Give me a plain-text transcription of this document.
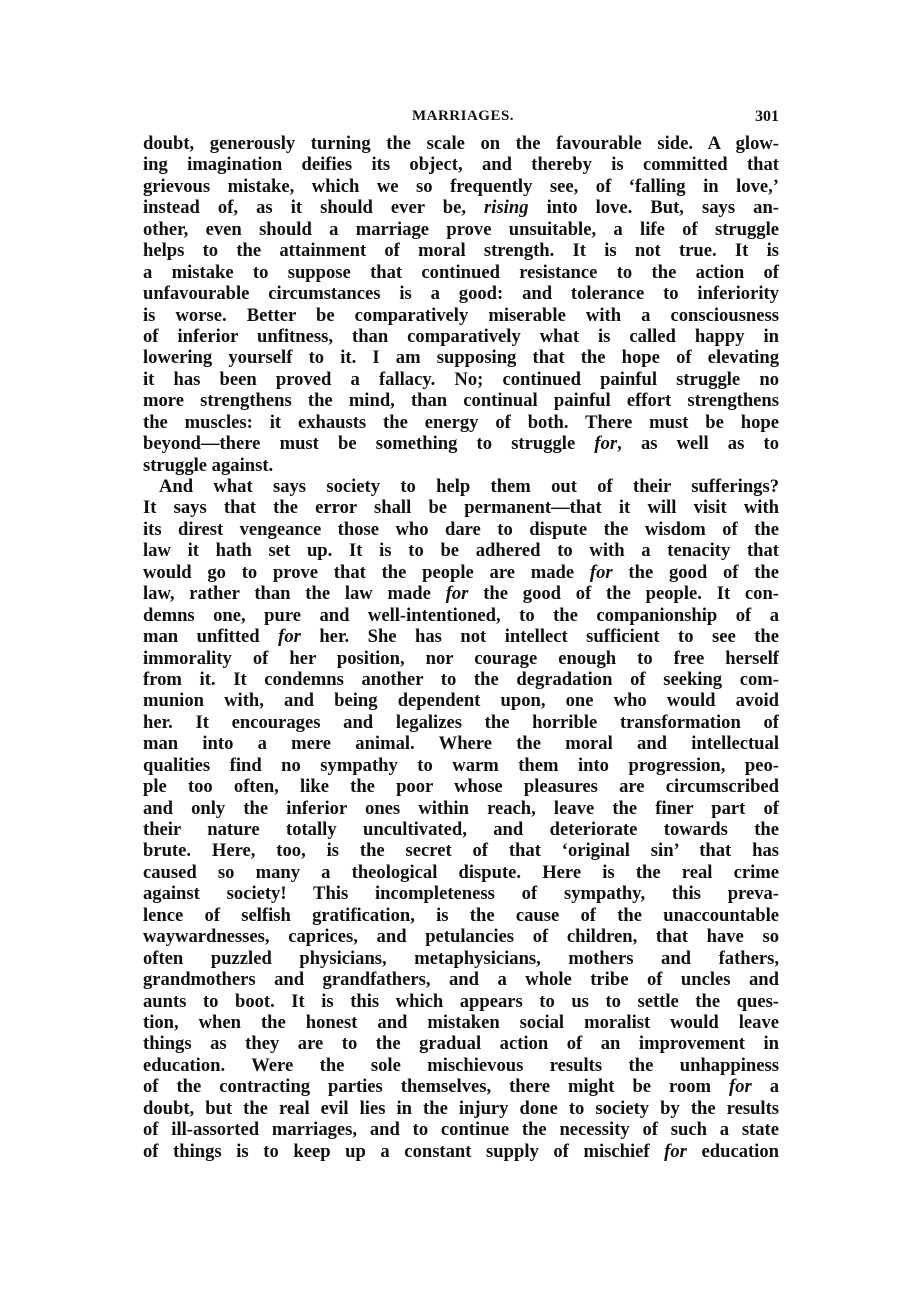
MARRIAGES.	301
doubt, generously turning the scale on the favourable side. A glow-
ing imagination deifies its object, and thereby is committed that
grievous mistake, which we so frequently see, of ‘falling in love,’
instead of, as it should ever be, rising into love. But, says an-
other, even should a marriage prove unsuitable, a life of struggle
helps to the attainment of moral strength. It is not true. It is
a mistake to suppose that continued resistance to the action of
unfavourable circumstances is a good: and tolerance to inferiority
is worse. Better be comparatively miserable with a consciousness
of inferior unfitness, than comparatively what is called happy in
lowering yourself to it. I am supposing that the hope of elevating
it has been proved a fallacy. No; continued painful struggle no
more strengthens the mind, than continual painful effort strengthens
the muscles: it exhausts the energy of both. There must be hope
beyond—there must be something to struggle for, as well as to
struggle against.
And what says society to help them out of their sufferings?
It says that the error shall be permanent—that it will visit with
its direst vengeance those who dare to dispute the wisdom of the
law it hath set up. It is to be adhered to with a tenacity that
would go to prove that the people are made for the good of the
law, rather than the law made for the good of the people. It con-
demns one, pure and well-intentioned, to the companionship of a
man unfitted for her. She has not intellect sufficient to see the
immorality of her position, nor courage enough to free herself
from it. It condemns another to the degradation of seeking com-
munion with, and being dependent upon, one who would avoid
her. It encourages and legalizes the horrible transformation of
man into a mere animal. Where the moral and intellectual
qualities find no sympathy to warm them into progression, peo-
ple too often, like the poor whose pleasures are circumscribed
and only the inferior ones within reach, leave the finer part of
their nature totally uncultivated, and deteriorate towards the
brute. Here, too, is the secret of that ‘original sin’ that has
caused so many a theological dispute. Here is the real crime
against society! This incompleteness of sympathy, this preva-
lence of selfish gratification, is the cause of the unaccountable
waywardnesses, caprices, and petulancies of children, that have so
often puzzled physicians, metaphysicians, mothers and fathers,
grandmothers and grandfathers, and a whole tribe of uncles and
aunts to boot. It is this which appears to us to settle the ques-
tion, when the honest and mistaken social moralist would leave
things as they are to the gradual action of an improvement in
education. Were the sole mischievous results the unhappiness
of the contracting parties themselves, there might be room for a
doubt, but the real evil lies in the injury done to society by the results
of ill-assorted marriages, and to continue the necessity of such a state
of things is to keep up a constant supply of mischief for education
